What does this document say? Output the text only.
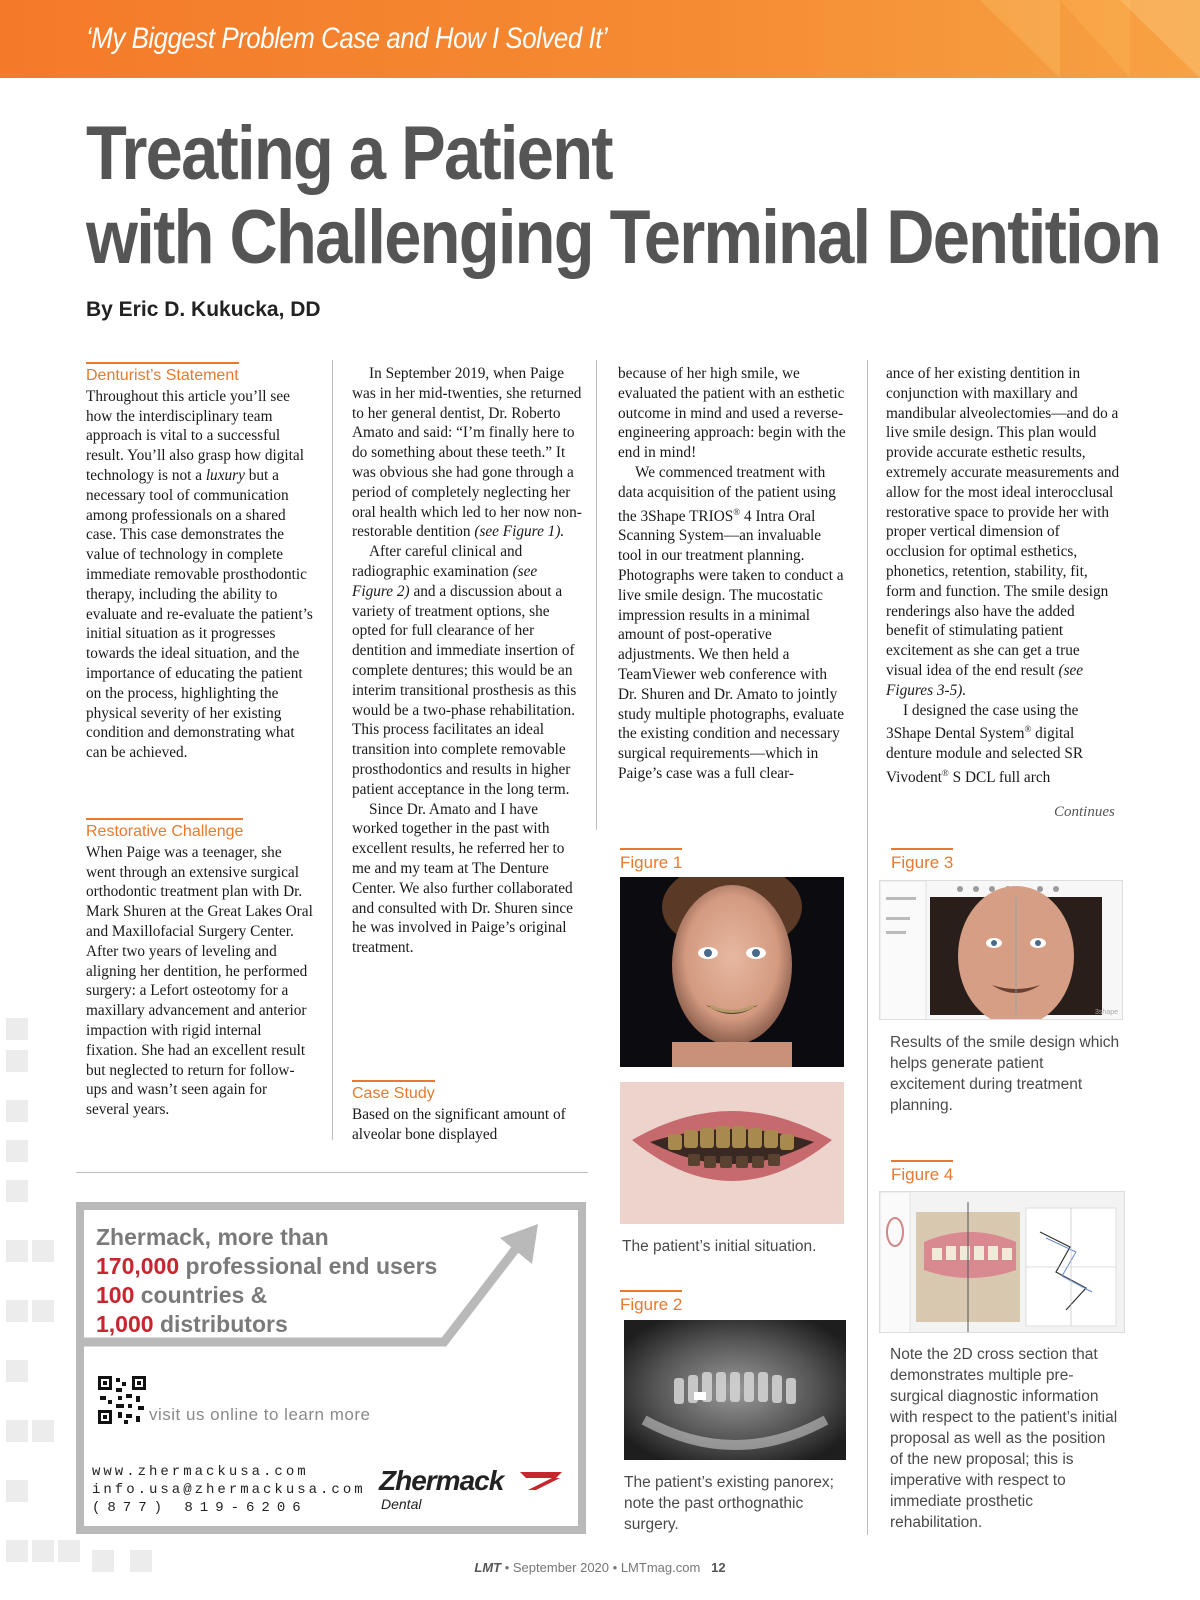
‘My Biggest Problem Case and How I Solved It’
Treating a Patient
with Challenging Terminal Dentition
By Eric D. Kukucka, DD
Denturist’s Statement

Throughout this article you’ll see how the interdisciplinary team approach is vital to a successful result. You’ll also grasp how digital technology is not a luxury but a necessary tool of communication among professionals on a shared case. This case demonstrates the value of technology in complete immediate removable prosthodontic therapy, including the ability to evaluate and re-evaluate the patient’s initial situation as it progresses towards the ideal situation, and the importance of educating the patient on the process, highlighting the physical severity of her existing condition and demonstrating what can be achieved.

Restorative Challenge

When Paige was a teenager, she went through an extensive surgical orthodontic treatment plan with Dr. Mark Shuren at the Great Lakes Oral and Maxillofacial Surgery Center. After two years of leveling and aligning her dentition, he performed surgery: a Lefort osteotomy for a maxillary advancement and anterior impaction with rigid internal fixation. She had an excellent result but neglected to return for follow-ups and wasn’t seen again for several years.

In September 2019, when Paige was in her mid-twenties, she returned to her general dentist, Dr. Roberto Amato and said: “I’m finally here to do something about these teeth.” It was obvious she had gone through a period of completely neglecting her oral health which led to her now non-restorable dentition (see Figure 1).

After careful clinical and radiographic examination (see Figure 2) and a discussion about a variety of treatment options, she opted for full clearance of her dentition and immediate insertion of complete dentures; this would be an interim transitional prosthesis as this would be a two-phase rehabilitation. This process facilitates an ideal transition into complete removable prosthodontics and results in higher patient acceptance in the long term.

Since Dr. Amato and I have worked together in the past with excellent results, he referred her to me and my team at The Denture Center. We also further collaborated and consulted with Dr. Shuren since he was involved in Paige’s original treatment.

Case Study

Based on the significant amount of alveolar bone displayed

because of her high smile, we evaluated the patient with an esthetic outcome in mind and used a reverse-engineering approach: begin with the end in mind!

We commenced treatment with data acquisition of the patient using the 3Shape TRIOS® 4 Intra Oral Scanning System—an invaluable tool in our treatment planning. Photographs were taken to conduct a live smile design. The mucostatic impression results in a minimal amount of post-operative adjustments. We then held a TeamViewer web conference with Dr. Shuren and Dr. Amato to jointly study multiple photographs, evaluate the existing condition and necessary surgical requirements—which in Paige’s case was a full clear-

ance of her existing dentition in conjunction with maxillary and mandibular alveolectomies—and do a live smile design. This plan would provide accurate esthetic results, extremely accurate measurements and allow for the most ideal interocclusal restorative space to provide her with proper vertical dimension of occlusion for optimal esthetics, phonetics, retention, stability, fit, form and function. The smile design renderings also have the added benefit of stimulating patient excitement as she can get a true visual idea of the end result (see Figures 3-5).

I designed the case using the 3Shape Dental System® digital denture module and selected SR Vivodent® S DCL full arch

Continues
Figure 1
The patient’s initial situation.
Figure 2
The patient’s existing panorex; note the past orthognathic surgery.
Figure 3
3shape
Results of the smile design which helps generate patient excitement during treatment planning.
Figure 4
Note the 2D cross section that demonstrates multiple pre-surgical diagnostic information with respect to the patient’s initial proposal as well as the position of the new proposal; this is imperative with respect to immediate prosthetic rehabilitation.
Zhermack, more than
170,000 professional end users
100 countries &
1,000 distributors
visit us online to learn more
www.zhermackusa.com
info.usa@zhermackusa.com
(877) 819-6206
Zhermack
Dental
LMT • September 2020 • LMTmag.com 12
